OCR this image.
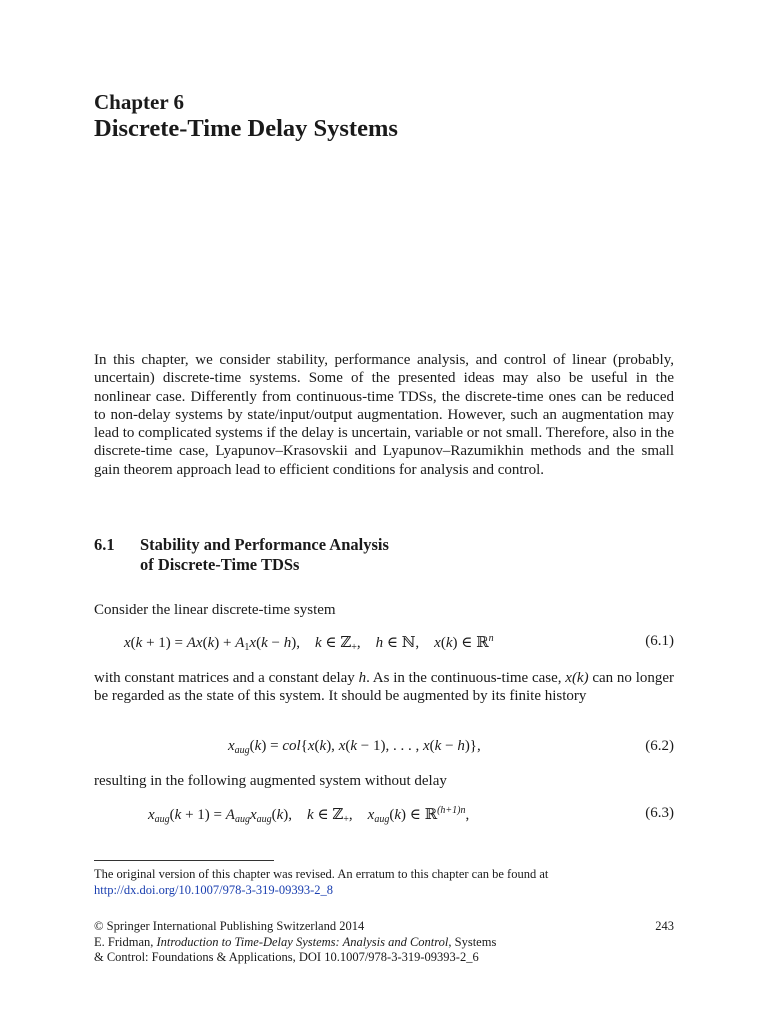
Chapter 6
Discrete-Time Delay Systems
In this chapter, we consider stability, performance analysis, and control of linear (probably, uncertain) discrete-time systems. Some of the presented ideas may also be useful in the nonlinear case. Differently from continuous-time TDSs, the discrete-time ones can be reduced to non-delay systems by state/input/output augmentation. However, such an augmentation may lead to complicated systems if the delay is uncertain, variable or not small. Therefore, also in the discrete-time case, Lyapunov–Krasovskii and Lyapunov–Razumikhin methods and the small gain theorem approach lead to efficient conditions for analysis and control.
6.1 Stability and Performance Analysis
of Discrete-Time TDSs
Consider the linear discrete-time system
$x(k + 1) = Ax(k) + A_1x(k - h)$,    k ∈ ℤ$_+$,    h ∈ ℕ,    x(k) ∈ ℝ$^n$	(6.1)
with constant matrices and a constant delay h. As in the continuous-time case, x(k) can no longer be regarded as the state of this system. It should be augmented by its finite history
$x_{aug}(k) = col\{x(k)$, x(k − 1), . . . , x(k − h)},	(6.2)
resulting in the following augmented system without delay
$x_{aug}(k + 1) = A_{aug}x_{aug}(k)$,    k ∈ ℤ$_+$,    $x_{aug}(k)$ ∈ ℝ$^{(h+1)n}$,	(6.3)
The original version of this chapter was revised. An erratum to this chapter can be found at
http://dx.doi.org/10.1007/978-3-319-09393-2_8
243
© Springer International Publishing Switzerland 2014
E. Fridman, Introduction to Time-Delay Systems: Analysis and Control, Systems
& Control: Foundations & Applications, DOI 10.1007/978-3-319-09393-2_6
